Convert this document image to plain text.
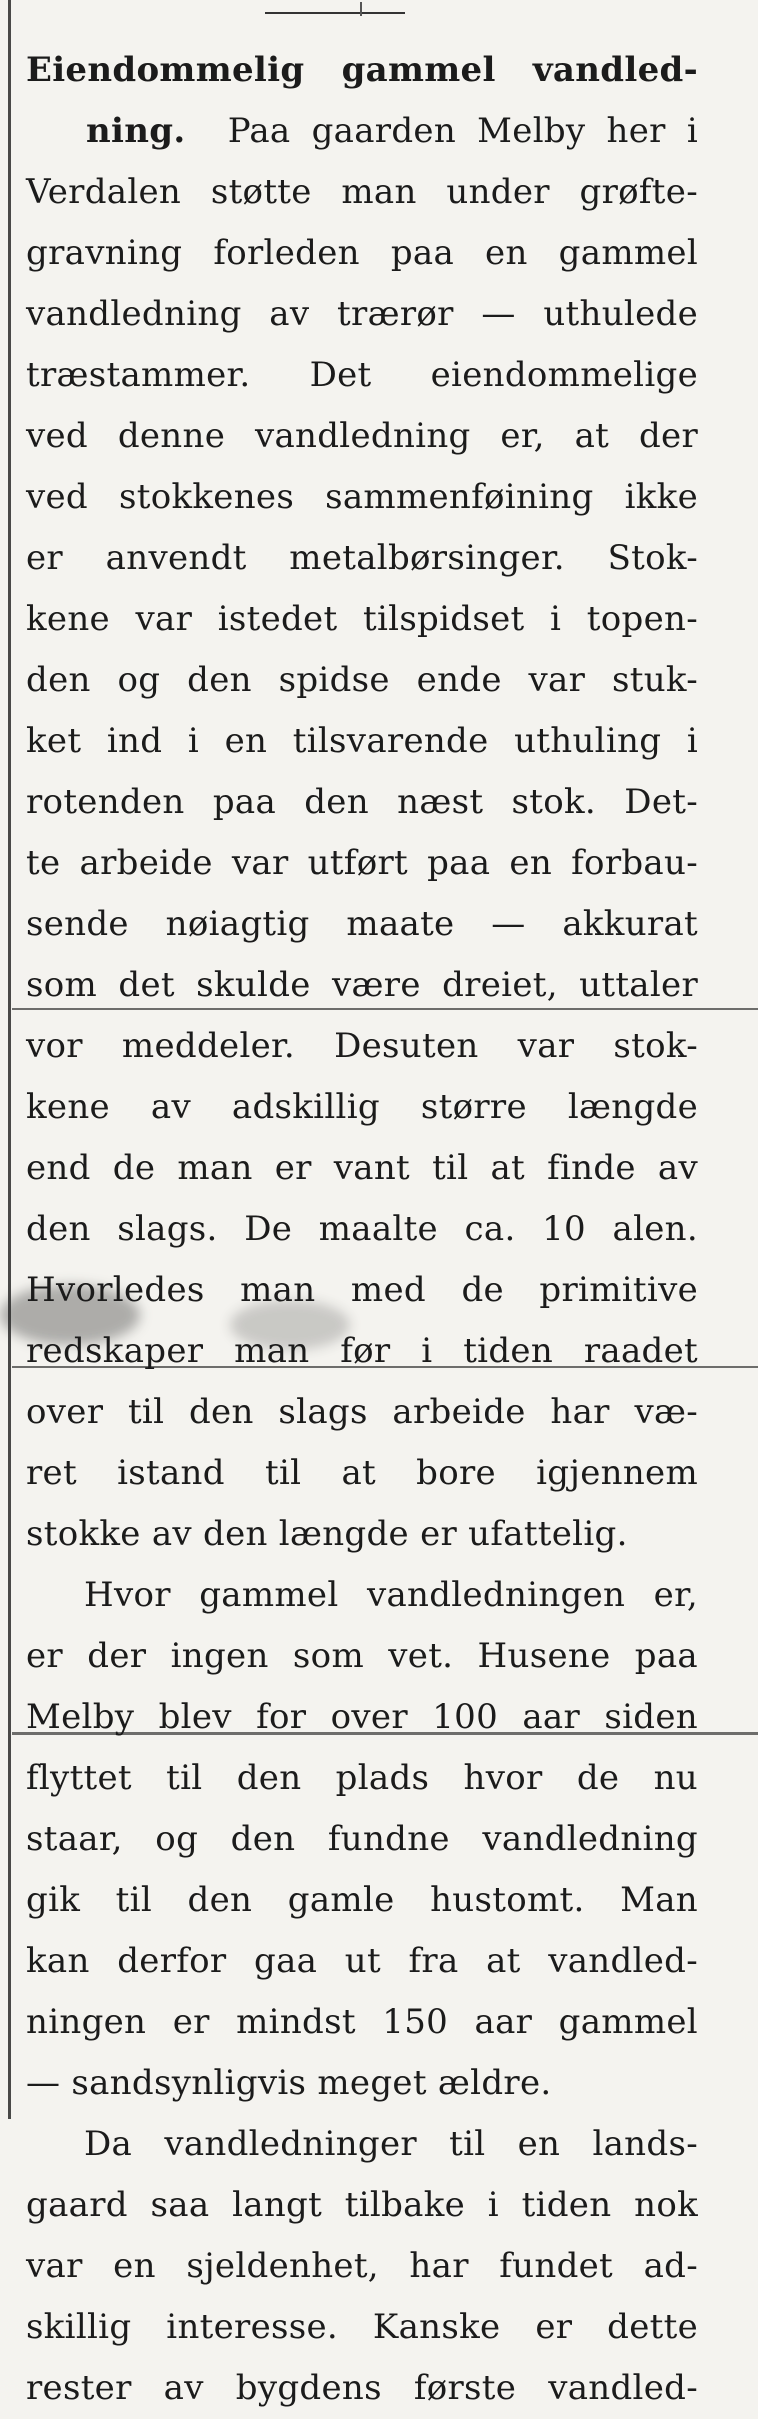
Eiendommelig gammel vandled-
ning. Paa gaarden Melby her i
Verdalen støtte man under grøfte-
gravning forleden paa en gammel
vandledning av trærør — uthulede
træstammer. Det eiendommelige
ved denne vandledning er, at der
ved stokkenes sammenføining ikke
er anvendt metalbørsinger. Stok-
kene var istedet tilspidset i topen-
den og den spidse ende var stuk-
ket ind i en tilsvarende uthuling i
rotenden paa den næst stok. Det-
te arbeide var utført paa en forbau-
sende nøiagtig maate — akkurat
som det skulde være dreiet, uttaler
vor meddeler. Desuten var stok-
kene av adskillig større længde
end de man er vant til at finde av
den slags. De maalte ca. 10 alen.
Hvorledes man med de primitive
redskaper man før i tiden raadet
over til den slags arbeide har væ-
ret istand til at bore igjennem
stokke av den længde er ufattelig.
Hvor gammel vandledningen er,
er der ingen som vet. Husene paa
Melby blev for over 100 aar siden
flyttet til den plads hvor de nu
staar, og den fundne vandledning
gik til den gamle hustomt. Man
kan derfor gaa ut fra at vandled-
ningen er mindst 150 aar gammel
— sandsynligvis meget ældre.
Da vandledninger til en lands-
gaard saa langt tilbake i tiden nok
var en sjeldenhet, har fundet ad-
skillig interesse. Kanske er dette
rester av bygdens første vandled-
